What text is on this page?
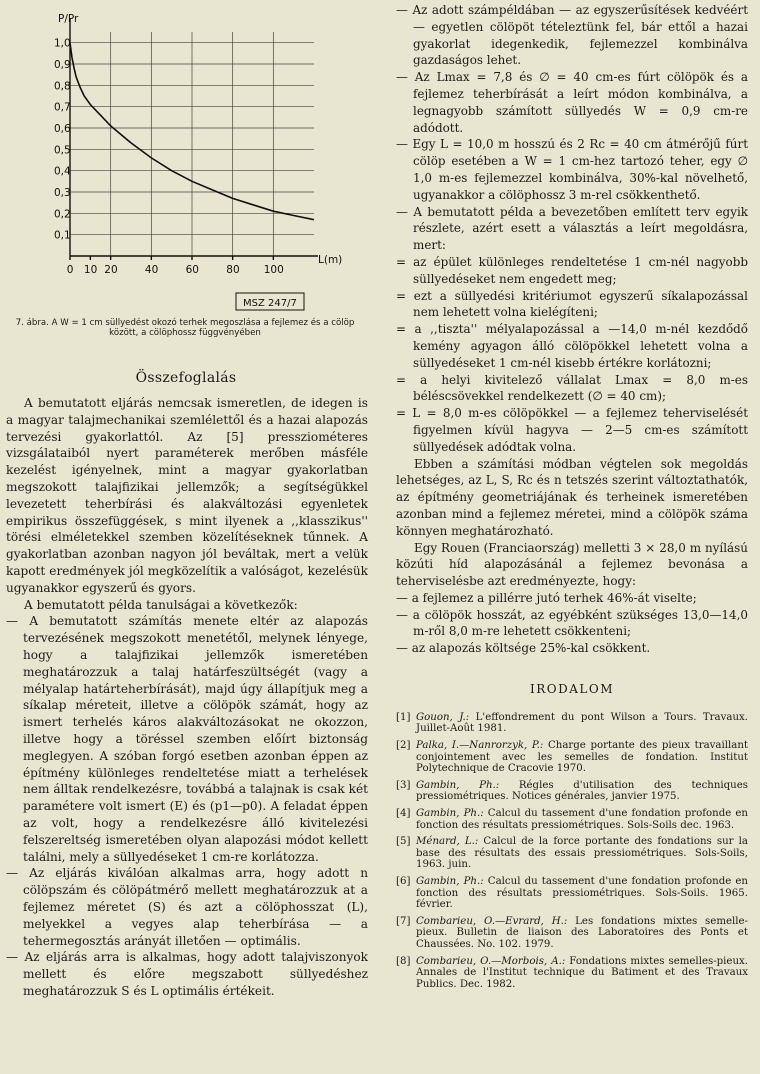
1,0
0,9
0,8
0,7
0,6
0,5
0,4
0,3
0,2
0,1
0 10 20	40	60	80 100
P/Pr
L(m)
MSZ 247/7
7. ábra. A W = 1 cm süllyedést okozó terhek megoszlása a fejlemez és a cölöp között, a cölöphossz függvényében
Összefoglalás

A bemutatott eljárás nemcsak ismeretlen, de idegen is a magyar talajmechanikai szemlélettől és a hazai alapozás tervezési gyakorlattól. Az [5] pressziométeres vizsgálataiból nyert paraméterek merőben másféle kezelést igényelnek, mint a magyar gyakorlatban megszokott talajfizikai jellemzők; a segítségükkel levezetett teherbírási és alakváltozási egyenletek empirikus összefüggések, s mint ilyenek a ,,klasszikus'' törési elméletekkel szemben közelítéseknek tűnnek. A gyakorlatban azonban nagyon jól beváltak, mert a velük kapott eredmények jól megközelítik a valóságot, kezelésük ugyanakkor egyszerű és gyors.

A bemutatott példa tanulságai a következők:

— A bemutatott számítás menete eltér az alapozás tervezésének megszokott menetétől, melynek lényege, hogy a talajfizikai jellemzők ismeretében meghatározzuk a talaj határfeszültségét (vagy a mélyalap határteherbírását), majd úgy állapítjuk meg a síkalap méreteit, illetve a cölöpök számát, hogy az ismert terhelés káros alakváltozásokat ne okozzon, illetve hogy a töréssel szemben előírt biztonság meglegyen. A szóban forgó esetben azonban éppen az építmény különleges rendeltetése miatt a terhelések nem álltak rendelkezésre, továbbá a talajnak is csak két paramétere volt ismert (E) és (p1—p0). A feladat éppen az volt, hogy a rendelkezésre álló kivitelezési felszereltség ismeretében olyan alapozási módot kellett találni, mely a süllyedéseket 1 cm-re korlátozza.

— Az eljárás kiválóan alkalmas arra, hogy adott n cölöpszám és cölöpátmérő mellett meghatározzuk at a fejlemez méretet (S) és azt a cölöphosszat (L), melyekkel a vegyes alap teherbírása — a tehermegosztás arányát illetően — optimális.

— Az eljárás arra is alkalmas, hogy adott talajviszonyok mellett és előre megszabott süllyedéshez meghatározzuk S és L optimális értékeit.

— Az adott számpéldában — az egyszerűsítések kedvéért — egyetlen cölöpöt tételeztünk fel, bár ettől a hazai gyakorlat idegenkedik, fejlemezzel kombinálva gazdaságos lehet.

— Az Lmax = 7,8 és ∅ = 40 cm-es fúrt cölöpök és a fejlemez teherbírását a leírt módon kombinálva, a legnagyobb számított süllyedés W = 0,9 cm-re adódott.

— Egy L = 10,0 m hosszú és 2 Rc = 40 cm átmérőjű fúrt cölöp esetében a W = 1 cm-hez tartozó teher, egy ∅ 1,0 m-es fejlemezzel kombinálva, 30%-kal növelhető, ugyanakkor a cölöphossz 3 m-rel csökkenthető.

— A bemutatott példa a bevezetőben említett terv egyik részlete, azért esett a választás a leírt megoldásra, mert:

= az épület különleges rendeltetése 1 cm-nél nagyobb süllyedéseket nem engedett meg;

= ezt a süllyedési kritériumot egyszerű síkalapozással nem lehetett volna kielégíteni;

= a ,,tiszta'' mélyalapozással a —14,0 m-nél kezdődő kemény agyagon álló cölöpökkel lehetett volna a süllyedéseket 1 cm-nél kisebb értékre korlátozni;

= a helyi kivitelező vállalat Lmax = 8,0 m-es béléscsövekkel rendelkezett (∅ = 40 cm);

= L = 8,0 m-es cölöpökkel — a fejlemez teherviselését figyelmen kívül hagyva — 2—5 cm-es számított süllyedések adódtak volna.

Ebben a számítási módban végtelen sok megoldás lehetséges, az L, S, Rc és n tetszés szerint változtathatók, az építmény geometriájának és terheinek ismeretében azonban mind a fejlemez méretei, mind a cölöpök száma könnyen meghatározható.

Egy Rouen (Franciaország) melletti 3 × 28,0 m nyílású közúti híd alapozásánál a fejlemez bevonása a teherviselésbe azt eredményezte, hogy:

— a fejlemez a pillérre jutó terhek 46%-át viselte;

— a cölöpök hosszát, az egyébként szükséges 13,0—14,0 m-ről 8,0 m-re lehetett csökkenteni;

— az alapozás költsége 25%-kal csökkent.

IRODALOM
[1] Gouon, J.: L'effondrement du pont Wilson a Tours. Travaux. Juillet-Août 1981.
[2] Palka, I.—Nanrorzyk, P.: Charge portante des pieux travaillant conjointement avec les semelles de fondation. Institut Polytechnique de Cracovie 1970.
[3] Gambin, Ph.: Régles d'utilisation des techniques pressiométriques. Notices générales, janvier 1975.
[4] Gambin, Ph.: Calcul du tassement d'une fondation profonde en fonction des résultats pressiométriques. Sols-Soils dec. 1963.
[5] Ménard, L.: Calcul de la force portante des fondations sur la base des résultats des essais pressiométriques. Sols-Soils, 1963. juin.
[6] Gambin, Ph.: Calcul du tassement d'une fondation profonde en fonction des résultats pressiométriques. Sols-Soils. 1965. février.
[7] Combarieu, O.—Evrard, H.: Les fondations mixtes semelle-pieux. Bulletin de liaison des Laboratoires des Ponts et Chaussées. No. 102. 1979.
[8] Combarieu, O.—Morbois, A.: Fondations mixtes semelles-pieux. Annales de l'Institut technique du Batiment et des Travaux Publics. Dec. 1982.
